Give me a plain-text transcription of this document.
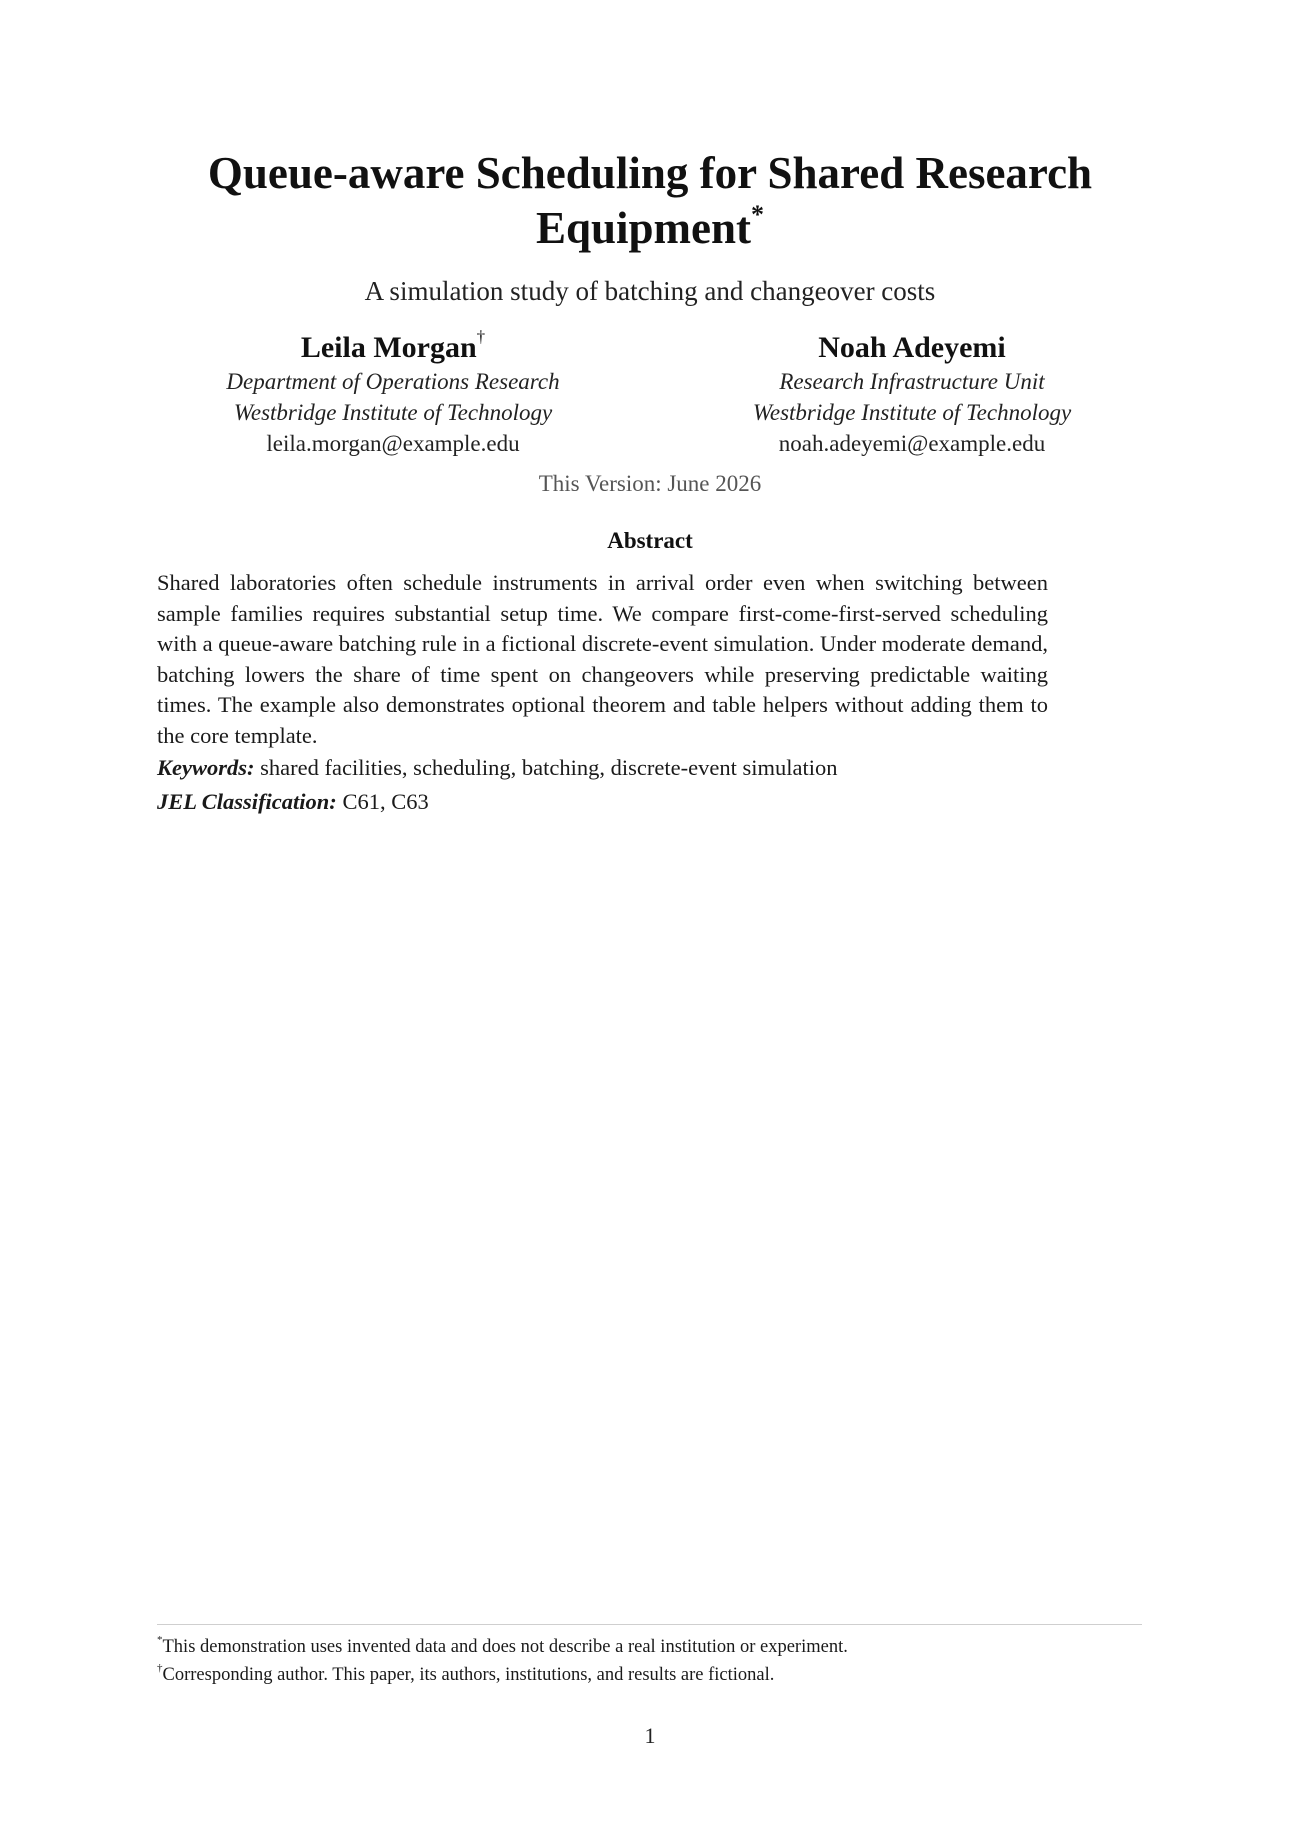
Queue-aware Scheduling for Shared Research Equipment*
A simulation study of batching and changeover costs
Leila Morgan†
Department of Operations Research
Westbridge Institute of Technology
leila.morgan@example.edu
Noah Adeyemi
Research Infrastructure Unit
Westbridge Institute of Technology
noah.adeyemi@example.edu
This Version: June 2026
Abstract

Shared laboratories often schedule instruments in arrival order even when switching between sample families requires substantial setup time. We compare first-come-first-served scheduling with a queue-aware batching rule in a fictional discrete-event simulation. Under moderate demand, batching lowers the share of time spent on changeovers while preserving predictable waiting times. The example also demonstrates optional theorem and table helpers without adding them to the core template.

Keywords: shared facilities, scheduling, batching, discrete-event simulation
JEL Classification: C61, C63
*This demonstration uses invented data and does not describe a real institution or experiment.
†Corresponding author. This paper, its authors, institutions, and results are fictional.
1
